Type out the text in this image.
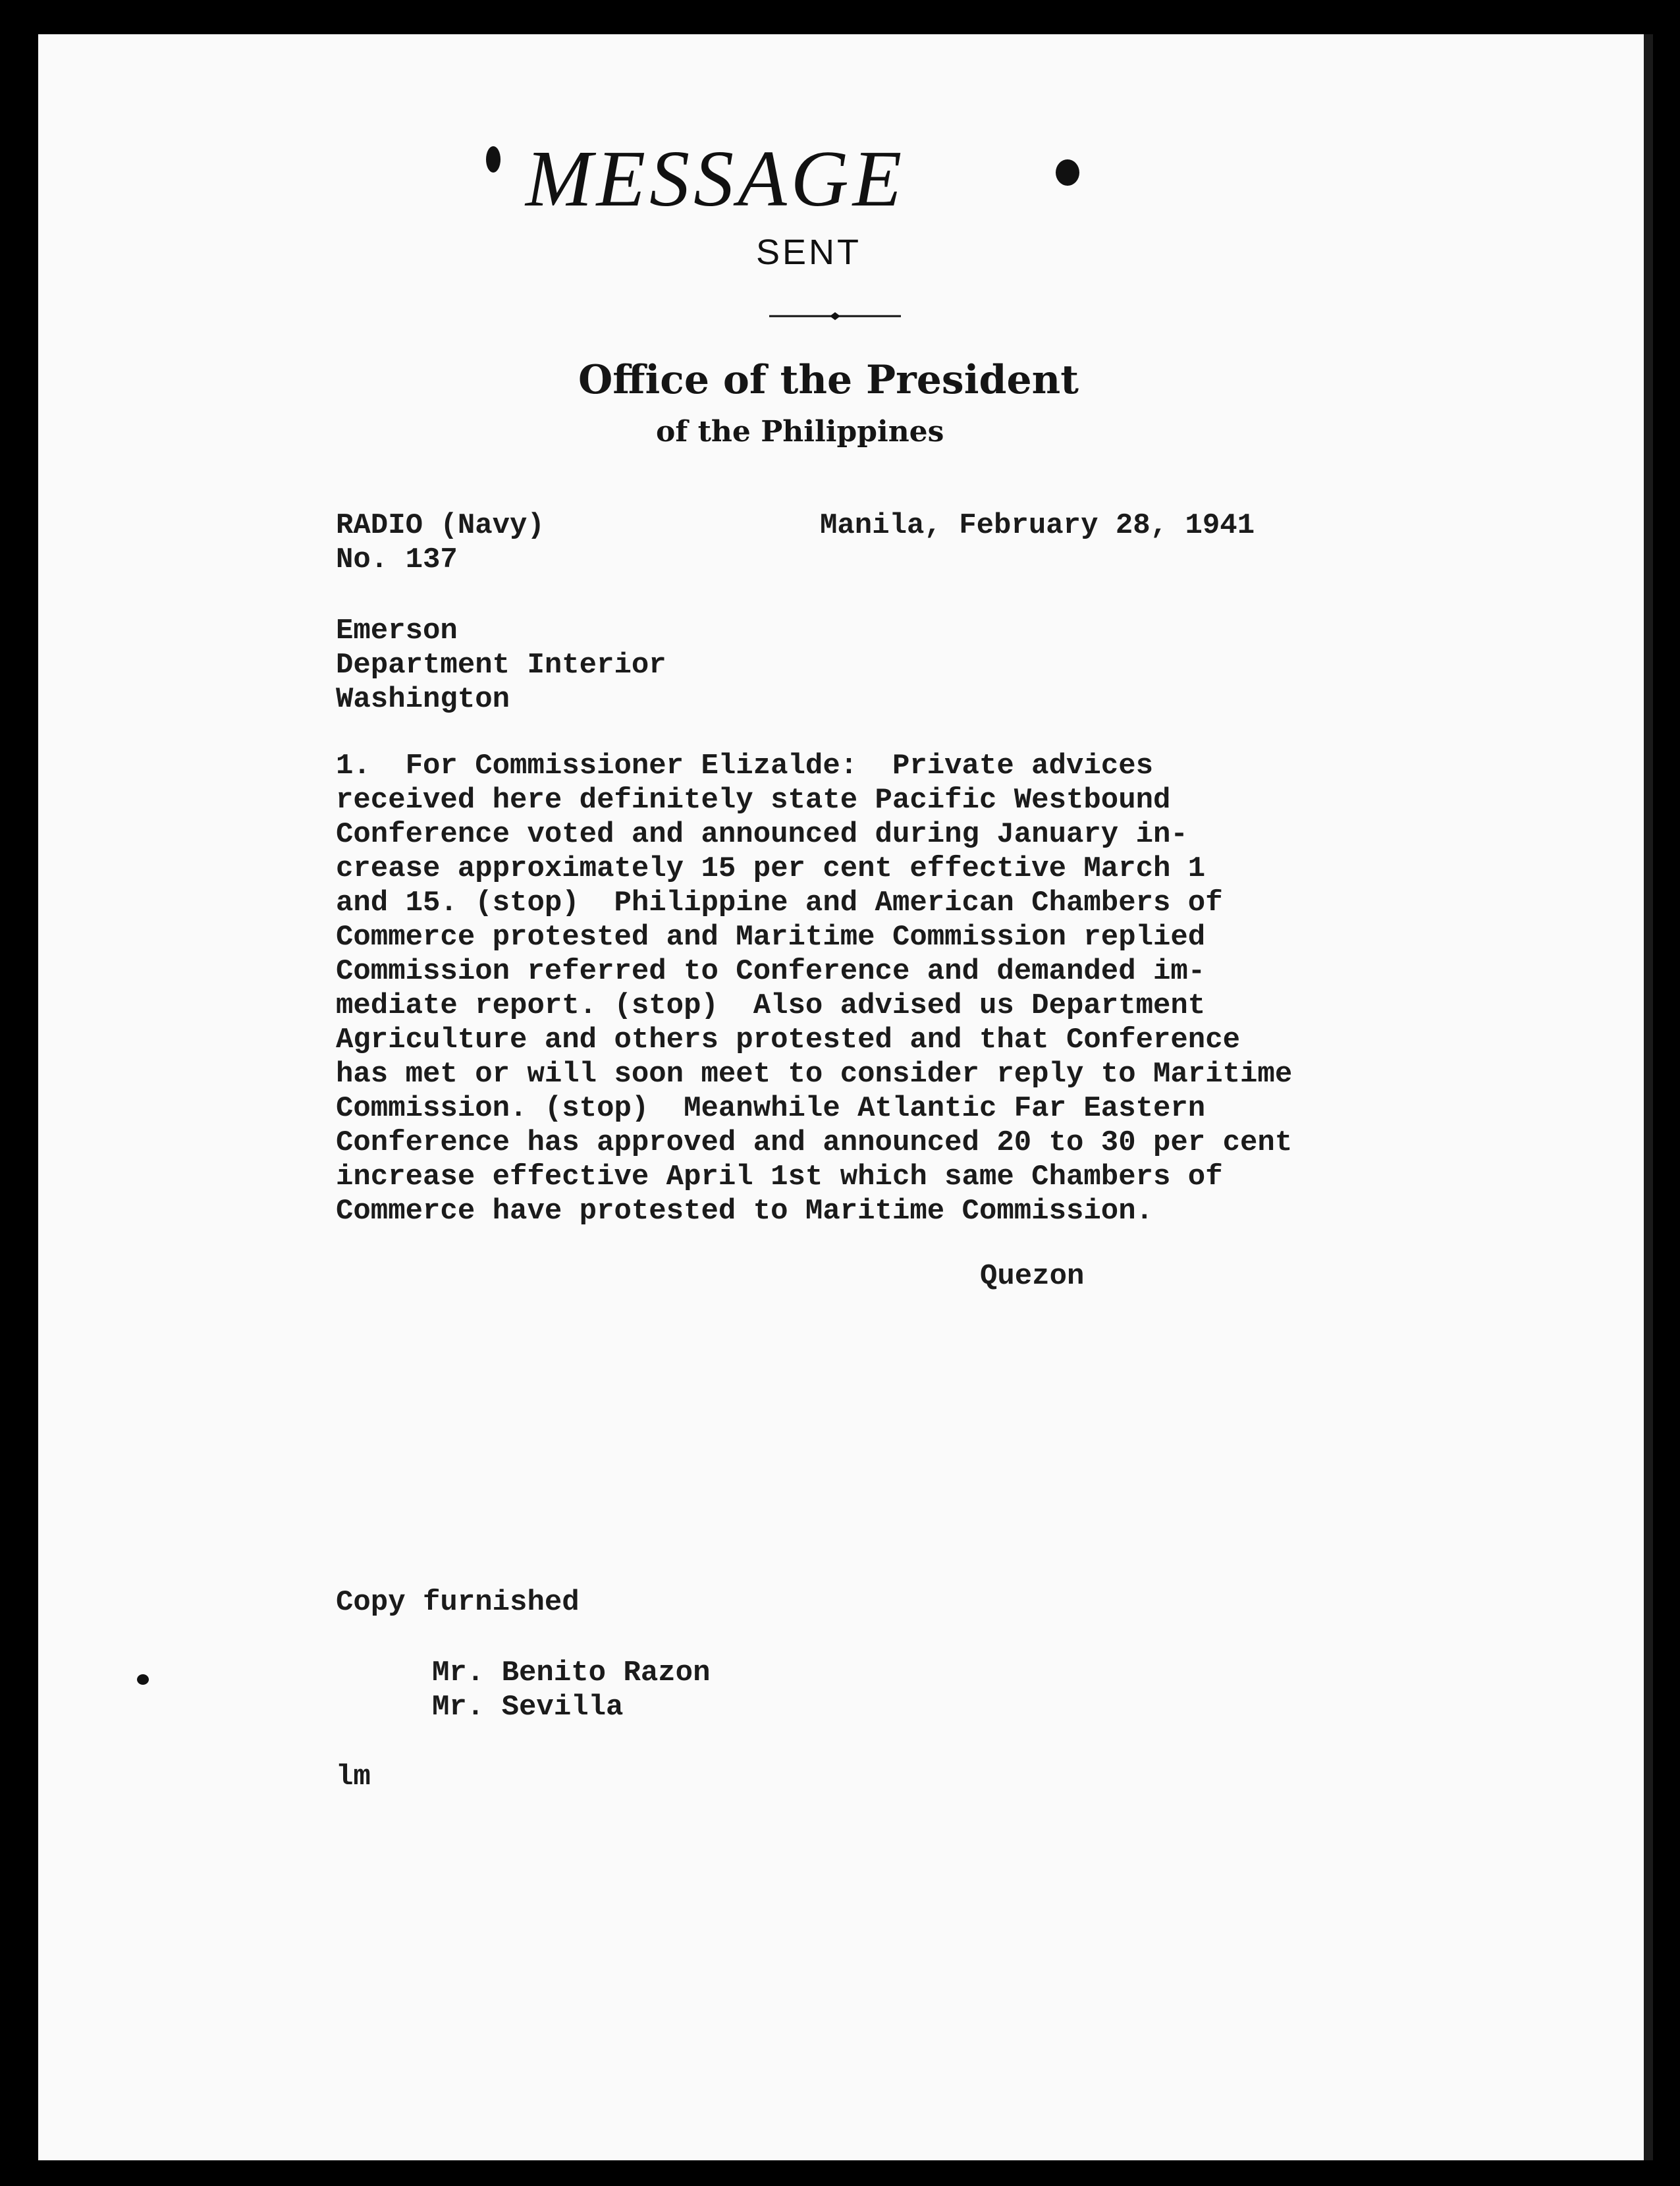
MESSAGE
SENT
Office of the President
of the Philippines
RADIO (Navy)
No. 137
Manila, February 28, 1941
Emerson
Department Interior
Washington
1.  For Commissioner Elizalde:  Private advices
received here definitely state Pacific Westbound
Conference voted and announced during January in-
crease approximately 15 per cent effective March 1
and 15. (stop)  Philippine and American Chambers of
Commerce protested and Maritime Commission replied
Commission referred to Conference and demanded im-
mediate report. (stop)  Also advised us Department
Agriculture and others protested and that Conference
has met or will soon meet to consider reply to Maritime
Commission. (stop)  Meanwhile Atlantic Far Eastern
Conference has approved and announced 20 to 30 per cent
increase effective April 1st which same Chambers of
Commerce have protested to Maritime Commission.
Quezon
Copy furnished
Mr. Benito Razon
Mr. Sevilla
lm
